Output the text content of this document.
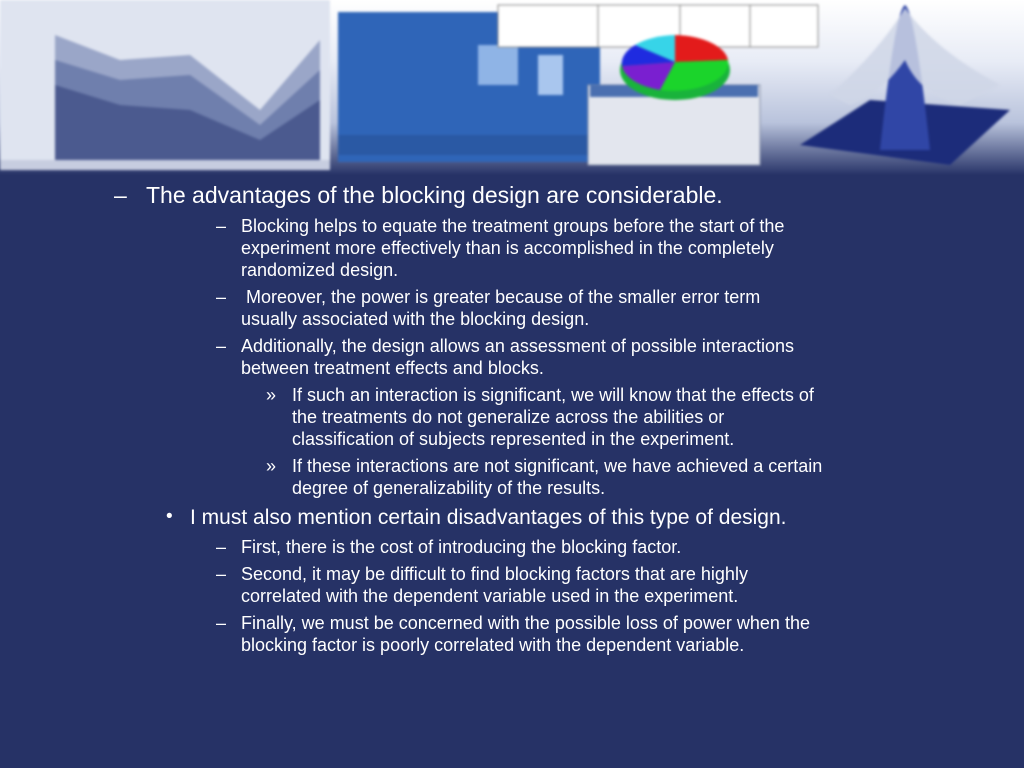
– The advantages of the blocking design are considerable.
– Blocking helps to equate the treatment groups before the start of the
experiment more effectively than is accomplished in the completely
randomized design.
– Moreover, the power is greater because of the smaller error term
usually associated with the blocking design.
– Additionally, the design allows an assessment of possible interactions
between treatment effects and blocks.
» If such an interaction is significant, we will know that the effects of
the treatments do not generalize across the abilities or
classification of subjects represented in the experiment.
» If these interactions are not significant, we have achieved a certain
degree of generalizability of the results.
• I must also mention certain disadvantages of this type of design.
– First, there is the cost of introducing the blocking factor.
– Second, it may be difficult to find blocking factors that are highly
correlated with the dependent variable used in the experiment.
– Finally, we must be concerned with the possible loss of power when the
blocking factor is poorly correlated with the dependent variable.
